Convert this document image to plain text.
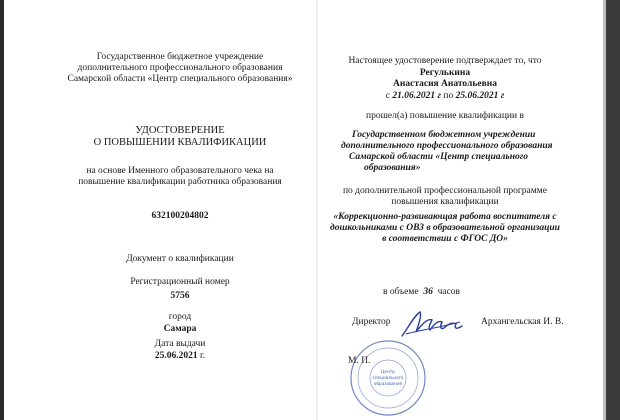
Государственное бюджетное учреждение
дополнительного профессионального образования
Самарской области «Центр специального образования»
УДОСТОВЕРЕНИЕ
О ПОВЫШЕНИИ КВАЛИФИКАЦИИ
на основе Именного образовательного чека на
повышение квалификации работника образования
632100204802
Документ о квалификации
Регистрационный номер
5756
город
Самара
Дата выдачи
25.06.2021 г.
Настоящее удостоверение подтверждает то, что
Регулькина
Анастасия Анатольевна
с 21.06.2021 г по 25.06.2021 г
прошел(а) повышение квалификации в
Государственном бюджетном учреждении
дополнительного профессионального образования
Самарской области «Центр специального
образования»
по дополнительной профессиональной программе
повышения квалификации
«Коррекционно-развивающая работа воспитателя с
дошкольниками с ОВЗ в образовательной организации
в соответствии с ФГОС ДО»
в объеме 36 часов
Директор	Архангельская И. В.
Центр
специального
образования
М. П.
